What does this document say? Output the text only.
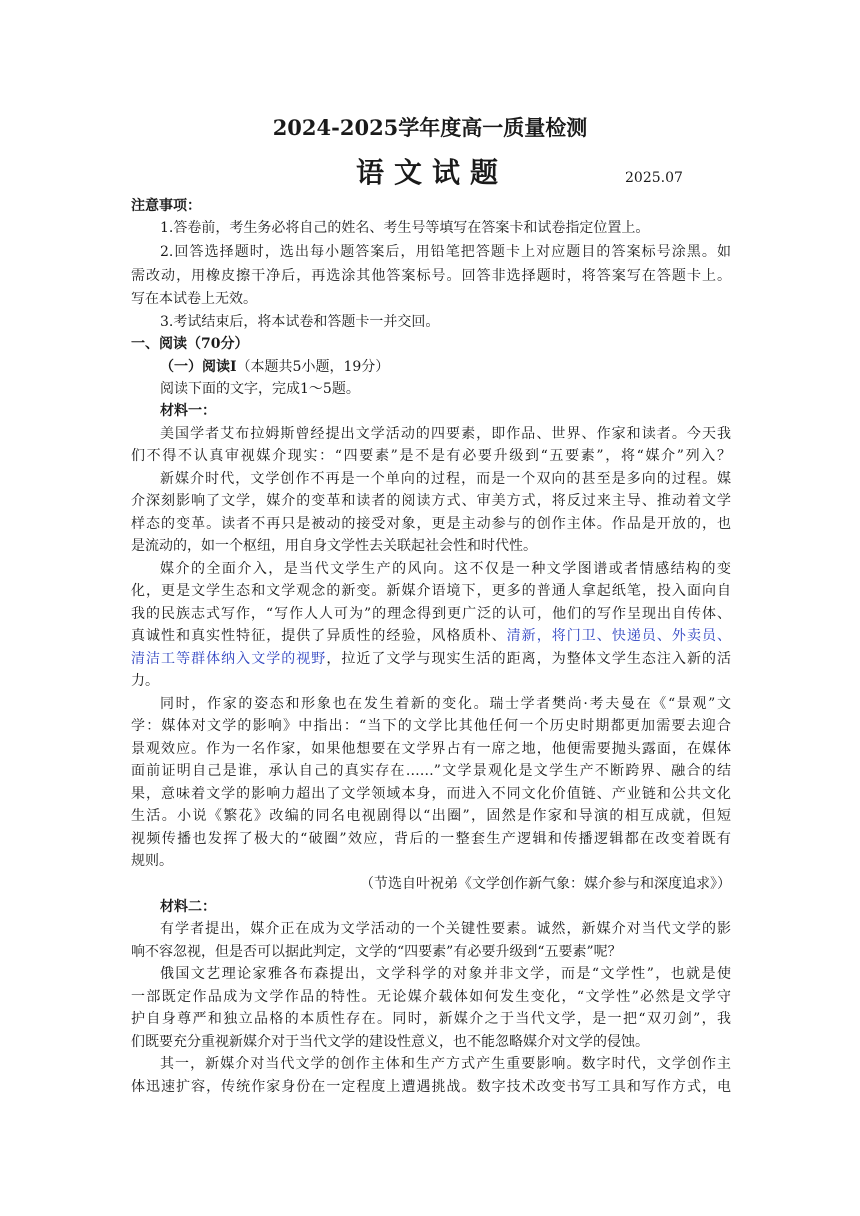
2024-2025学年度高一质量检测
语文试题	2025.07
注意事项：
1.答卷前，考生务必将自己的姓名、考生号等填写在答案卡和试卷指定位置上。
2.回答选择题时，选出每小题答案后，用铅笔把答题卡上对应题目的答案标号涂黑。如
需改动，用橡皮擦干净后，再选涂其他答案标号。回答非选择题时，将答案写在答题卡上。
写在本试卷上无效。
3.考试结束后，将本试卷和答题卡一并交回。
一、阅读（70分）
（一）阅读Ⅰ（本题共5小题，19分）
阅读下面的文字，完成1～5题。
材料一：
美国学者艾布拉姆斯曾经提出文学活动的四要素，即作品、世界、作家和读者。今天我
们不得不认真审视媒介现实：“四要素”是不是有必要升级到“五要素”，将“媒介”列入？
新媒介时代，文学创作不再是一个单向的过程，而是一个双向的甚至是多向的过程。媒
介深刻影响了文学，媒介的变革和读者的阅读方式、审美方式，将反过来主导、推动着文学
样态的变革。读者不再只是被动的接受对象，更是主动参与的创作主体。作品是开放的，也
是流动的，如一个枢纽，用自身文学性去关联起社会性和时代性。
媒介的全面介入，是当代文学生产的风向。这不仅是一种文学图谱或者情感结构的变
化，更是文学生态和文学观念的新变。新媒介语境下，更多的普通人拿起纸笔，投入面向自
我的民族志式写作，“写作人人可为”的理念得到更广泛的认可，他们的写作呈现出自传体、
真诚性和真实性特征，提供了异质性的经验，风格质朴、清新，将门卫、快递员、外卖员、
清洁工等群体纳入文学的视野，拉近了文学与现实生活的距离，为整体文学生态注入新的活
力。
同时，作家的姿态和形象也在发生着新的变化。瑞士学者樊尚·考夫曼在《“景观”文
学：媒体对文学的影响》中指出：“当下的文学比其他任何一个历史时期都更加需要去迎合
景观效应。作为一名作家，如果他想要在文学界占有一席之地，他便需要抛头露面，在媒体
面前证明自己是谁，承认自己的真实存在……”文学景观化是文学生产不断跨界、融合的结
果，意味着文学的影响力超出了文学领域本身，而进入不同文化价值链、产业链和公共文化
生活。小说《繁花》改编的同名电视剧得以“出圈”，固然是作家和导演的相互成就，但短
视频传播也发挥了极大的“破圈”效应，背后的一整套生产逻辑和传播逻辑都在改变着既有
规则。
（节选自叶祝弟《文学创作新气象：媒介参与和深度追求》）
材料二：
有学者提出，媒介正在成为文学活动的一个关键性要素。诚然，新媒介对当代文学的影
响不容忽视，但是否可以据此判定，文学的“四要素”有必要升级到“五要素”呢？
俄国文艺理论家雅各布森提出，文学科学的对象并非文学，而是“文学性”，也就是使
一部既定作品成为文学作品的特性。无论媒介载体如何发生变化，“文学性”必然是文学守
护自身尊严和独立品格的本质性存在。同时，新媒介之于当代文学，是一把“双刃剑”，我
们既要充分重视新媒介对于当代文学的建设性意义，也不能忽略媒介对文学的侵蚀。
其一，新媒介对当代文学的创作主体和生产方式产生重要影响。数字时代，文学创作主
体迅速扩容，传统作家身份在一定程度上遭遇挑战。数字技术改变书写工具和写作方式，电
